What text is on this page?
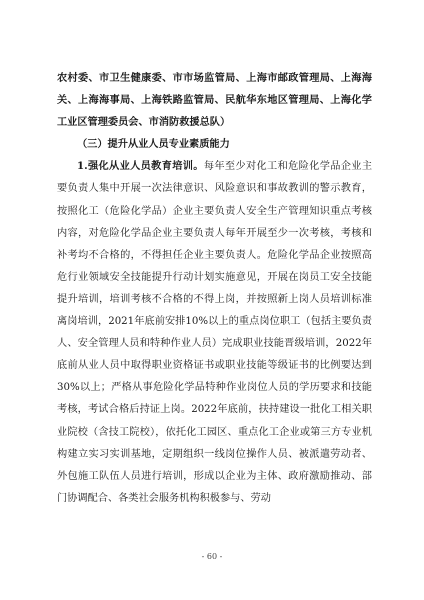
农村委、市卫生健康委、市市场监管局、上海市邮政管理局、上海海关、上海海事局、上海铁路监管局、民航华东地区管理局、上海化学工业区管理委员会、市消防救援总队）

（三）提升从业人员专业素质能力

1.强化从业人员教育培训。每年至少对化工和危险化学品企业主要负责人集中开展一次法律意识、风险意识和事故教训的警示教育，按照化工（危险化学品）企业主要负责人安全生产管理知识重点考核内容，对危险化学品企业主要负责人每年开展至少一次考核，考核和补考均不合格的，不得担任企业主要负责人。危险化学品企业按照高危行业领域安全技能提升行动计划实施意见，开展在岗员工安全技能提升培训，培训考核不合格的不得上岗，并按照新上岗人员培训标准离岗培训，2021年底前安排10%以上的重点岗位职工（包括主要负责人、安全管理人员和特种作业人员）完成职业技能晋级培训，2022年底前从业人员中取得职业资格证书或职业技能等级证书的比例要达到30%以上；严格从事危险化学品特种作业岗位人员的学历要求和技能考核，考试合格后持证上岗。2022年底前，扶持建设一批化工相关职业院校（含技工院校），依托化工园区、重点化工企业或第三方专业机构建立实习实训基地，定期组织一线岗位操作人员、被派遣劳动者、外包施工队伍人员进行培训，形成以企业为主体、政府激励推动、部门协调配合、各类社会服务机构积极参与、劳动

- 60 -
